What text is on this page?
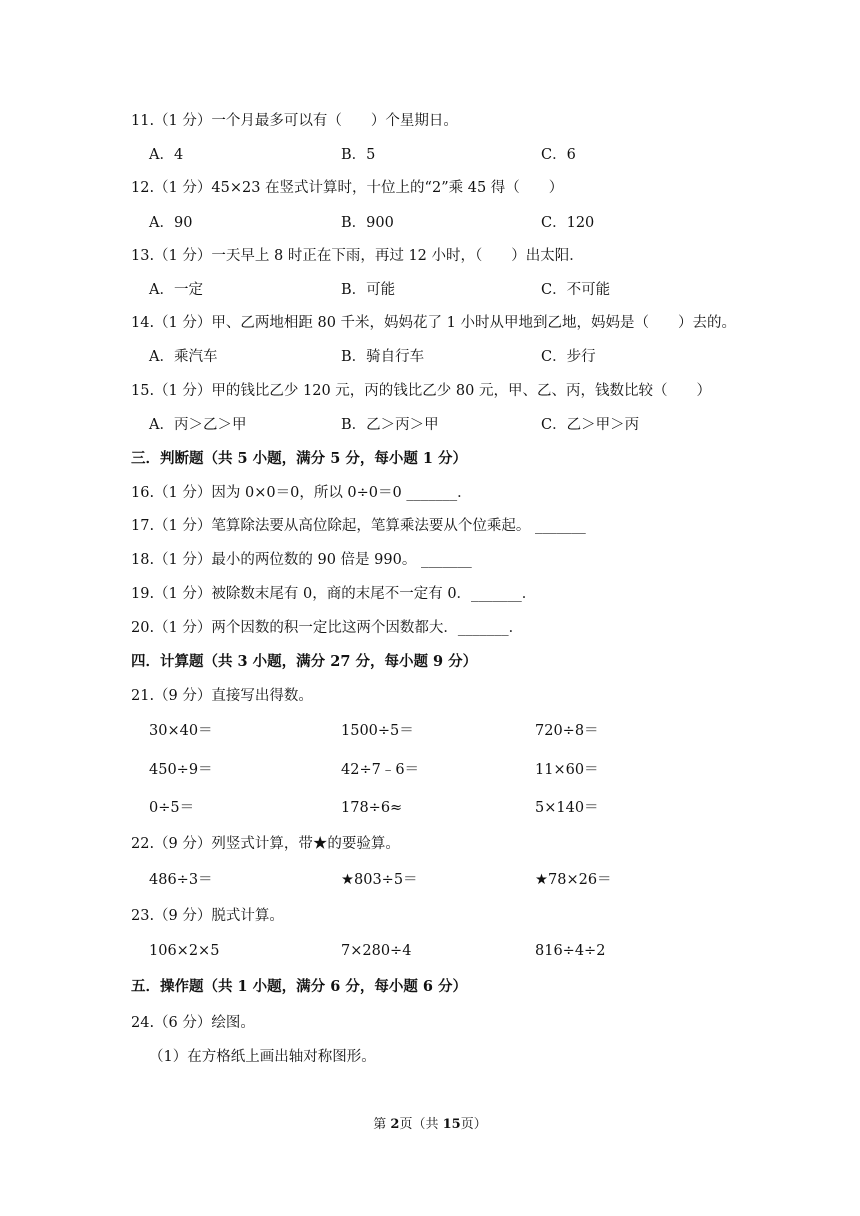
11.（1 分）一个月最多可以有（　　）个星期日。
A．4	B．5	C．6
12.（1 分）45×23 在竖式计算时，十位上的“2”乘 45 得（　　）
A．90	B．900	C．120
13.（1 分）一天早上 8 时正在下雨，再过 12 小时，（　　）出太阳．
A．一定	B．可能	C．不可能
14.（1 分）甲、乙两地相距 80 千米，妈妈花了 1 小时从甲地到乙地，妈妈是（　　）去的。
A．乘汽车	B．骑自行车	C．步行
15.（1 分）甲的钱比乙少 120 元，丙的钱比乙少 80 元，甲、乙、丙，钱数比较（　　）
A．丙＞乙＞甲	B．乙＞丙＞甲	C．乙＞甲＞丙
三．判断题（共 5 小题，满分 5 分，每小题 1 分）
16.（1 分）因为 0×0＝0，所以 0÷0＝0 _______．
17.（1 分）笔算除法要从高位除起，笔算乘法要从个位乘起。 _______
18.（1 分）最小的两位数的 90 倍是 990。 _______
19.（1 分）被除数末尾有 0，商的末尾不一定有 0．_______．
20.（1 分）两个因数的积一定比这两个因数都大．_______．
四．计算题（共 3 小题，满分 27 分，每小题 9 分）
21.（9 分）直接写出得数。
30×40＝	1500÷5＝	720÷8＝
450÷9＝	42÷7﹣6＝	11×60＝
0÷5＝	178÷6≈	5×140＝
22.（9 分）列竖式计算，带★的要验算。
486÷3＝	★803÷5＝	★78×26＝
23.（9 分）脱式计算。
106×2×5	7×280÷4	816÷4÷2
五．操作题（共 1 小题，满分 6 分，每小题 6 分）
24.（6 分）绘图。
（1）在方格纸上画出轴对称图形。
第 2页（共 15页）
